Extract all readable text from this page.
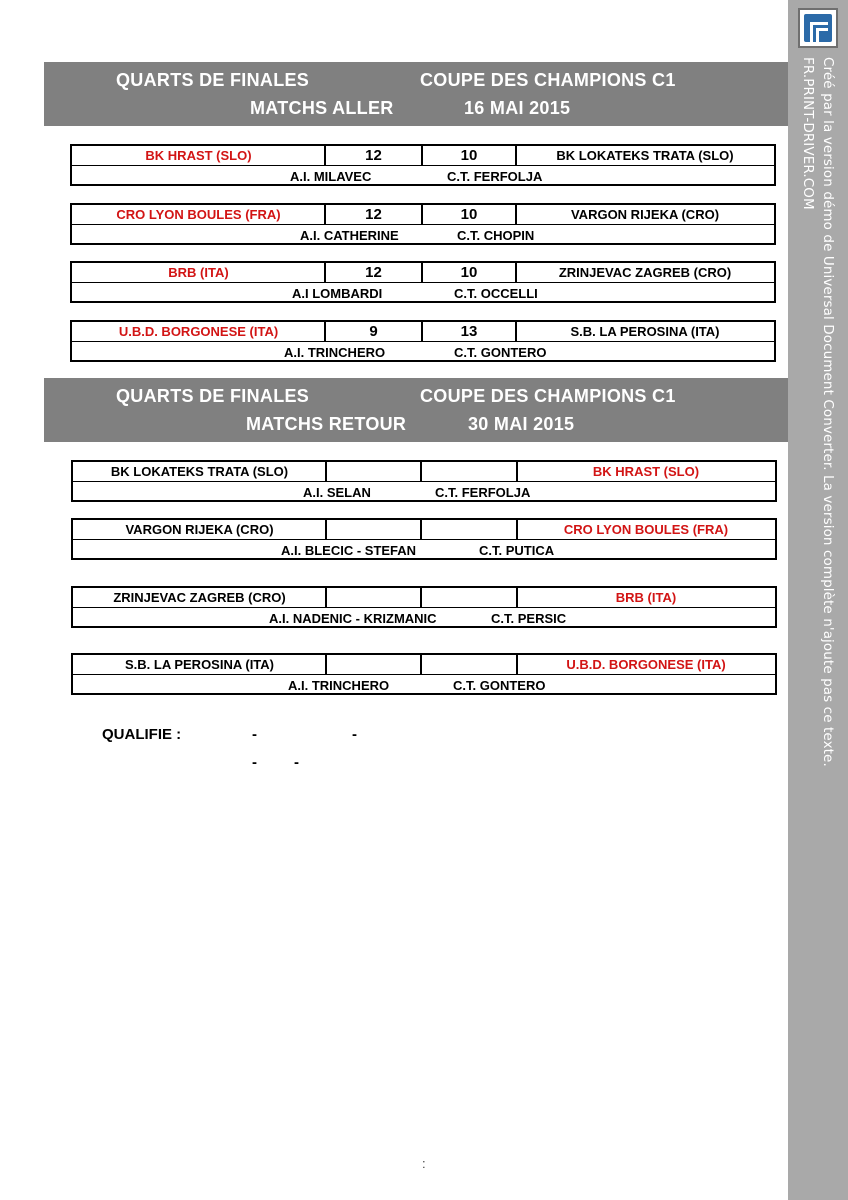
Créé par la version démo de Universal Document Converter. La version complète n'ajoute pas ce texte.
FR.PRINT-DRIVER.COM
QUARTS DE FINALES	COUPE DES CHAMPIONS C1
MATCHS ALLER	16 MAI 2015
BK HRAST (SLO)	12	10	BK LOKATEKS TRATA (SLO)
A.I. MILAVEC	C.T. FERFOLJA
CRO LYON BOULES (FRA)	12	10	VARGON RIJEKA (CRO)
A.I. CATHERINE	C.T. CHOPIN
BRB (ITA)	12	10	ZRINJEVAC ZAGREB (CRO)
A.I LOMBARDI	C.T. OCCELLI
U.B.D. BORGONESE (ITA)	9	13	S.B. LA PEROSINA (ITA)
A.I. TRINCHERO	C.T. GONTERO
QUARTS DE FINALES	COUPE DES CHAMPIONS C1
MATCHS RETOUR	30 MAI 2015
BK LOKATEKS TRATA (SLO)	BK HRAST (SLO)
A.I. SELAN	C.T. FERFOLJA
VARGON RIJEKA (CRO)	CRO LYON BOULES (FRA)
A.I. BLECIC - STEFAN	C.T. PUTICA
ZRINJEVAC ZAGREB (CRO)	BRB (ITA)
A.I. NADENIC - KRIZMANIC	C.T. PERSIC
S.B. LA PEROSINA (ITA)	U.B.D. BORGONESE (ITA)
A.I. TRINCHERO	C.T. GONTERO
QUALIFIE :	-	-
- -
:
